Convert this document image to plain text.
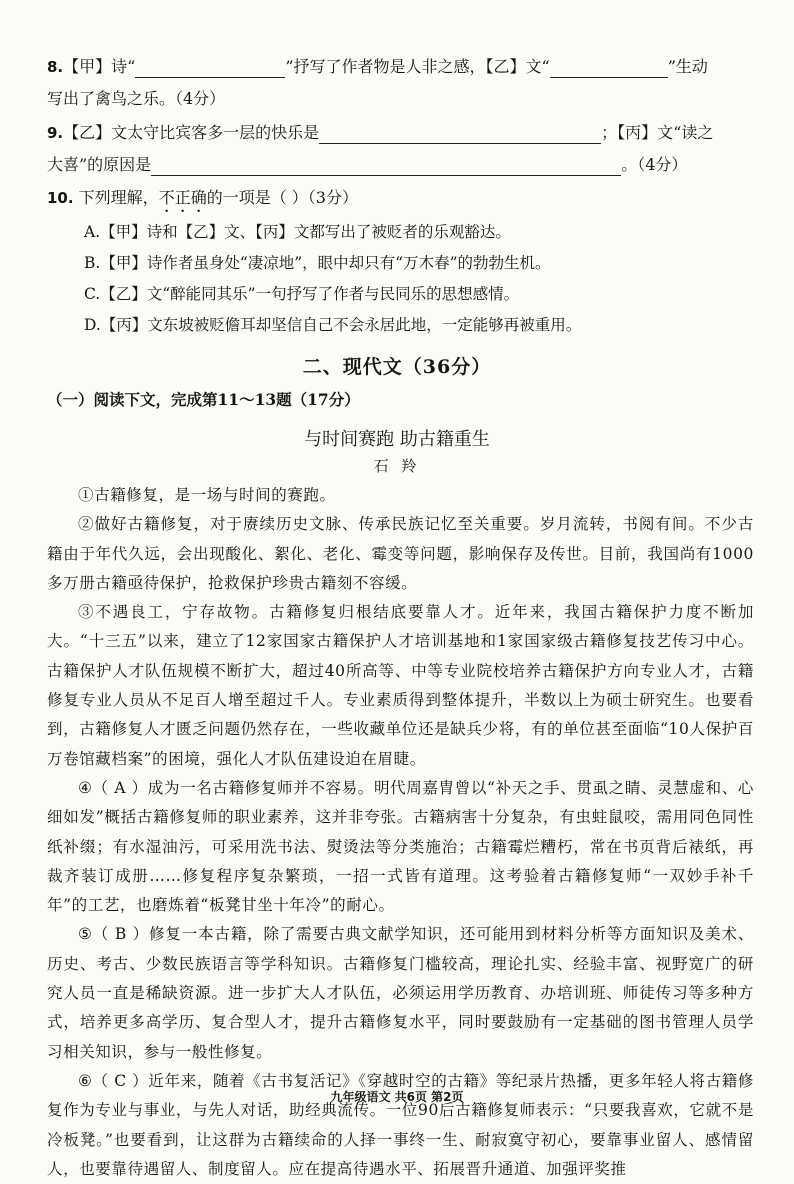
8.【甲】诗“	”抒写了作者物是人非之感，【乙】文“	”生动
写出了禽鸟之乐。（4分）
9.【乙】文太守比宾客多一层的快乐是	；【丙】文“读之
大喜”的原因是	。（4分）
10. 下列理解，不正确的一项是（ ）（3分）
A.【甲】诗和【乙】文、【丙】文都写出了被贬者的乐观豁达。
B.【甲】诗作者虽身处“凄凉地”，眼中却只有“万木春”的勃勃生机。
C.【乙】文“醉能同其乐”一句抒写了作者与民同乐的思想感情。
D.【丙】文东坡被贬儋耳却坚信自己不会永居此地，一定能够再被重用。
二、现代文（36分）
（一）阅读下文，完成第11～13题（17分）
与时间赛跑 助古籍重生
石 羚

①古籍修复，是一场与时间的赛跑。

②做好古籍修复，对于赓续历史文脉、传承民族记忆至关重要。岁月流转，书阅有间。不少古籍由于年代久远，会出现酸化、絮化、老化、霉变等问题，影响保存及传世。目前，我国尚有1000多万册古籍亟待保护，抢救保护珍贵古籍刻不容缓。

③不遇良工，宁存故物。古籍修复归根结底要靠人才。近年来，我国古籍保护力度不断加大。“十三五”以来，建立了12家国家古籍保护人才培训基地和1家国家级古籍修复技艺传习中心。古籍保护人才队伍规模不断扩大，超过40所高等、中等专业院校培养古籍保护方向专业人才，古籍修复专业人员从不足百人增至超过千人。专业素质得到整体提升，半数以上为硕士研究生。也要看到，古籍修复人才匮乏问题仍然存在，一些收藏单位还是缺兵少将，有的单位甚至面临“10人保护百万卷馆藏档案”的困境，强化人才队伍建设迫在眉睫。

④（ A ）成为一名古籍修复师并不容易。明代周嘉胄曾以“补天之手、贯虱之睛、灵慧虚和、心细如发”概括古籍修复师的职业素养，这并非夸张。古籍病害十分复杂，有虫蛀鼠咬，需用同色同性纸补缀；有水湿油污，可采用洗书法、熨烫法等分类施治；古籍霉烂糟朽，常在书页背后裱纸，再裁齐装订成册……修复程序复杂繁琐，一招一式皆有道理。这考验着古籍修复师“一双妙手补千年”的工艺，也磨炼着“板凳甘坐十年冷”的耐心。

⑤（ B ）修复一本古籍，除了需要古典文献学知识，还可能用到材料分析等方面知识及美术、历史、考古、少数民族语言等学科知识。古籍修复门槛较高，理论扎实、经验丰富、视野宽广的研究人员一直是稀缺资源。进一步扩大人才队伍，必须运用学历教育、办培训班、师徒传习等多种方式，培养更多高学历、复合型人才，提升古籍修复水平，同时要鼓励有一定基础的图书管理人员学习相关知识，参与一般性修复。

⑥（ C ）近年来，随着《古书复活记》《穿越时空的古籍》等纪录片热播，更多年轻人将古籍修复作为专业与事业，与先人对话，助经典流传。一位90后古籍修复师表示：“只要我喜欢，它就不是冷板凳。”也要看到，让这群为古籍续命的人择一事终一生、耐寂寞守初心，要靠事业留人、感情留人，也要靠待遇留人、制度留人。应在提高待遇水平、拓展晋升通道、加强评奖推

九年级语文 共6页 第2页
